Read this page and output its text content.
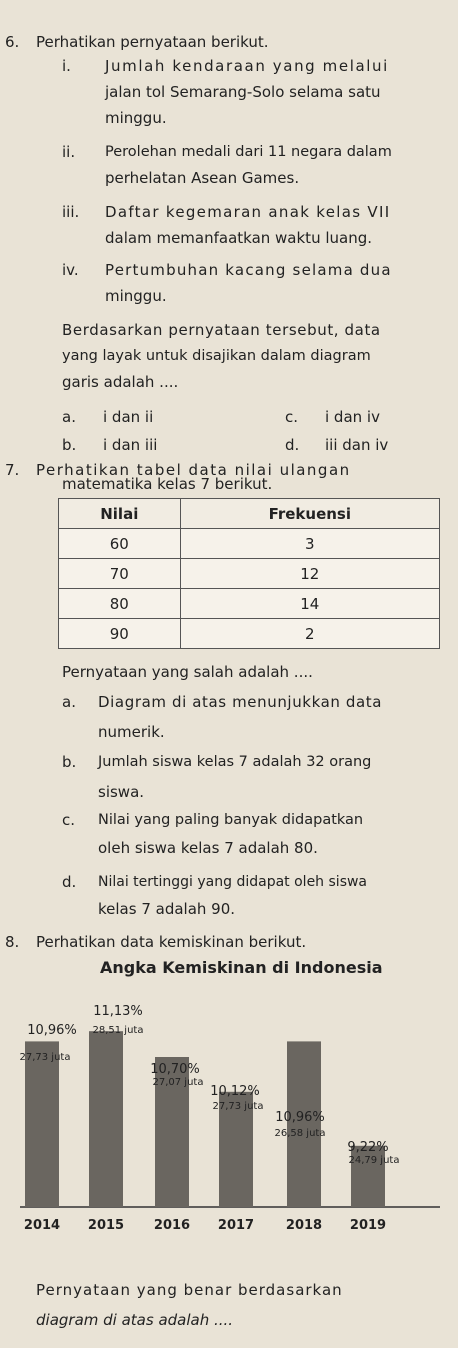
6. Perhatikan pernyataan berikut.
i. Jumlah kendaraan yang melalui
jalan tol Semarang-Solo selama satu
minggu.
ii. Perolehan medali dari 11 negara dalam
perhelatan Asean Games.
iii. Daftar kegemaran anak kelas VII
dalam memanfaatkan waktu luang.
iv. Pertumbuhan kacang selama dua
minggu.
Berdasarkan pernyataan tersebut, data
yang layak untuk disajikan dalam diagram
garis adalah ....
a. i dan ii
b. i dan iii
c. i dan iv
d. iii dan iv
7. Perhatikan tabel data nilai ulangan
matematika kelas 7 berikut.
Nilai	Frekuensi
60	3
70	12
80	14
90	2
Pernyataan yang salah adalah ....
a. Diagram di atas menunjukkan data
numerik.
b. Jumlah siswa kelas 7 adalah 32 orang
siswa.
c. Nilai yang paling banyak didapatkan
oleh siswa kelas 7 adalah 80.
d. Nilai tertinggi yang didapat oleh siswa
kelas 7 adalah 90.
8. Perhatikan data kemiskinan berikut.
Angka Kemiskinan di Indonesia
10,96%
27,73 juta
2014
11,13%
28,51 juta
2015
10,70%
27,07 juta
2016
10,12%
27,73 juta
2017
10,96%
26,58 juta
2018
9,22%
24,79 juta
2019
Pernyataan yang benar berdasarkan
diagram di atas adalah ....
